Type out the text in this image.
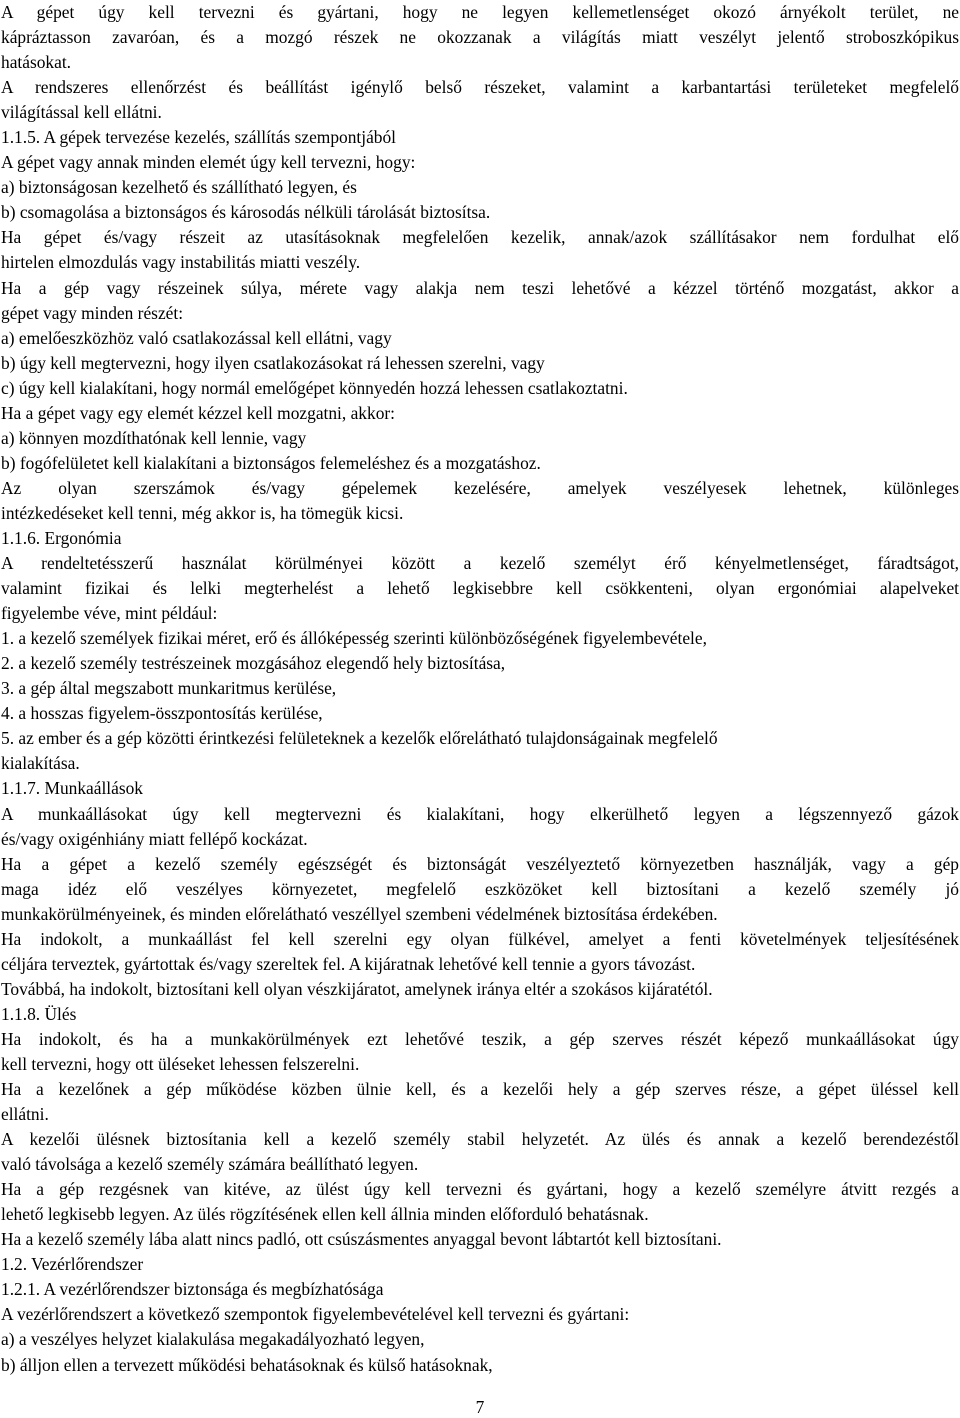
A gépet úgy kell tervezni és gyártani, hogy ne legyen kellemetlenséget okozó árnyékolt terület, ne
kápráztasson zavaróan, és a mozgó részek ne okozzanak a világítás miatt veszélyt jelentő stroboszkópikus
hatásokat.
A rendszeres ellenőrzést és beállítást igénylő belső részeket, valamint a karbantartási területeket megfelelő
világítással kell ellátni.
1.1.5. A gépek tervezése kezelés, szállítás szempontjából
A gépet vagy annak minden elemét úgy kell tervezni, hogy:
a) biztonságosan kezelhető és szállítható legyen, és
b) csomagolása a biztonságos és károsodás nélküli tárolását biztosítsa.
Ha gépet és/vagy részeit az utasításoknak megfelelően kezelik, annak/azok szállításakor nem fordulhat elő
hirtelen elmozdulás vagy instabilitás miatti veszély.
Ha a gép vagy részeinek súlya, mérete vagy alakja nem teszi lehetővé a kézzel történő mozgatást, akkor a
gépet vagy minden részét:
a) emelőeszközhöz való csatlakozással kell ellátni, vagy
b) úgy kell megtervezni, hogy ilyen csatlakozásokat rá lehessen szerelni, vagy
c) úgy kell kialakítani, hogy normál emelőgépet könnyedén hozzá lehessen csatlakoztatni.
Ha a gépet vagy egy elemét kézzel kell mozgatni, akkor:
a) könnyen mozdíthatónak kell lennie, vagy
b) fogófelületet kell kialakítani a biztonságos felemeléshez és a mozgatáshoz.
Az olyan szerszámok és/vagy gépelemek kezelésére, amelyek veszélyesek lehetnek, különleges
intézkedéseket kell tenni, még akkor is, ha tömegük kicsi.
1.1.6. Ergonómia
A rendeltetésszerű használat körülményei között a kezelő személyt érő kényelmetlenséget, fáradtságot,
valamint fizikai és lelki megterhelést a lehető legkisebbre kell csökkenteni, olyan ergonómiai alapelveket
figyelembe véve, mint például:
1. a kezelő személyek fizikai méret, erő és állóképesség szerinti különbözőségének figyelembevétele,
2. a kezelő személy testrészeinek mozgásához elegendő hely biztosítása,
3. a gép által megszabott munkaritmus kerülése,
4. a hosszas figyelem-összpontosítás kerülése,
5. az ember és a gép közötti érintkezési felületeknek a kezelők előrelátható tulajdonságainak megfelelő
kialakítása.
1.1.7. Munkaállások
A munkaállásokat úgy kell megtervezni és kialakítani, hogy elkerülhető legyen a légszennyező gázok
és/vagy oxigénhiány miatt fellépő kockázat.
Ha a gépet a kezelő személy egészségét és biztonságát veszélyeztető környezetben használják, vagy a gép
maga idéz elő veszélyes környezetet, megfelelő eszközöket kell biztosítani a kezelő személy jó
munkakörülményeinek, és minden előrelátható veszéllyel szembeni védelmének biztosítása érdekében.
Ha indokolt, a munkaállást fel kell szerelni egy olyan fülkével, amelyet a fenti követelmények teljesítésének
céljára terveztek, gyártottak és/vagy szereltek fel. A kijáratnak lehetővé kell tennie a gyors távozást.
Továbbá, ha indokolt, biztosítani kell olyan vészkijáratot, amelynek iránya eltér a szokásos kijáratétól.
1.1.8. Ülés
Ha indokolt, és ha a munkakörülmények ezt lehetővé teszik, a gép szerves részét képező munkaállásokat úgy
kell tervezni, hogy ott üléseket lehessen felszerelni.
Ha a kezelőnek a gép működése közben ülnie kell, és a kezelői hely a gép szerves része, a gépet üléssel kell
ellátni.
A kezelői ülésnek biztosítania kell a kezelő személy stabil helyzetét. Az ülés és annak a kezelő berendezéstől
való távolsága a kezelő személy számára beállítható legyen.
Ha a gép rezgésnek van kitéve, az ülést úgy kell tervezni és gyártani, hogy a kezelő személyre átvitt rezgés a
lehető legkisebb legyen. Az ülés rögzítésének ellen kell állnia minden előforduló behatásnak.
Ha a kezelő személy lába alatt nincs padló, ott csúszásmentes anyaggal bevont lábtartót kell biztosítani.
1.2. Vezérlőrendszer
1.2.1. A vezérlőrendszer biztonsága és megbízhatósága
A vezérlőrendszert a következő szempontok figyelembevételével kell tervezni és gyártani:
a) a veszélyes helyzet kialakulása megakadályozható legyen,
b) álljon ellen a tervezett működési behatásoknak és külső hatásoknak,
7
